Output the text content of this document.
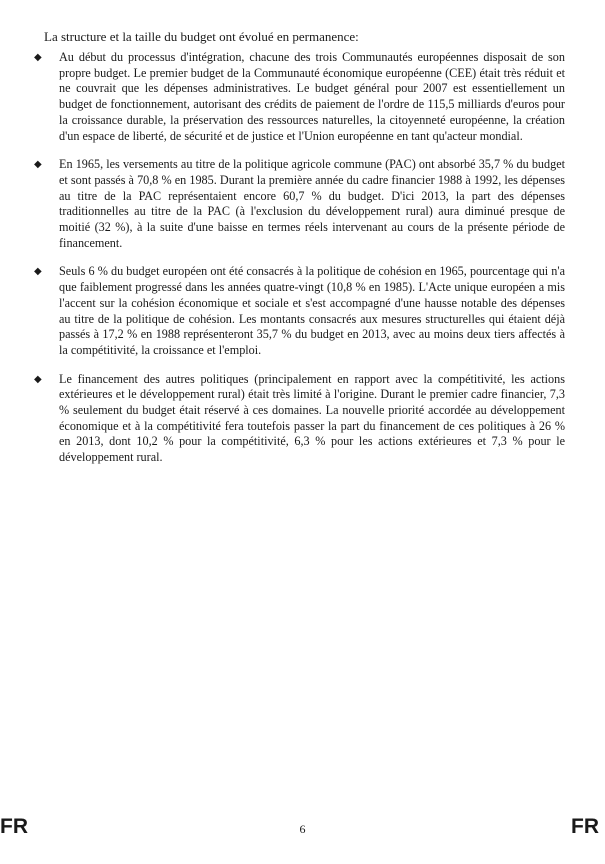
La structure et la taille du budget ont évolué en permanence:

◆ Au début du processus d'intégration, chacune des trois Communautés européennes disposait de son propre budget. Le premier budget de la Communauté économique européenne (CEE) était très réduit et ne couvrait que les dépenses administratives. Le budget général pour 2007 est essentiellement un budget de fonctionnement, autorisant des crédits de paiement de l'ordre de 115,5 milliards d'euros pour la croissance durable, la préservation des ressources naturelles, la citoyenneté européenne, la création d'un espace de liberté, de sécurité et de justice et l'Union européenne en tant qu'acteur mondial.
◆ En 1965, les versements au titre de la politique agricole commune (PAC) ont absorbé 35,7 % du budget et sont passés à 70,8 % en 1985. Durant la première année du cadre financier 1988 à 1992, les dépenses au titre de la PAC représentaient encore 60,7 % du budget. D'ici 2013, la part des dépenses traditionnelles au titre de la PAC (à l'exclusion du développement rural) aura diminué presque de moitié (32 %), à la suite d'une baisse en termes réels intervenant au cours de la présente période de financement.
◆ Seuls 6 % du budget européen ont été consacrés à la politique de cohésion en 1965, pourcentage qui n'a que faiblement progressé dans les années quatre-vingt (10,8 % en 1985). L'Acte unique européen a mis l'accent sur la cohésion économique et sociale et s'est accompagné d'une hausse notable des dépenses au titre de la politique de cohésion. Les montants consacrés aux mesures structurelles qui étaient déjà passés à 17,2 % en 1988 représenteront 35,7 % du budget en 2013, avec au moins deux tiers affectés à la compétitivité, la croissance et l'emploi.
◆ Le financement des autres politiques (principalement en rapport avec la compétitivité, les actions extérieures et le développement rural) était très limité à l'origine. Durant le premier cadre financier, 7,3 % seulement du budget était réservé à ces domaines. La nouvelle priorité accordée au développement économique et à la compétitivité fera toutefois passer la part du financement de ces politiques à 26 % en 2013, dont 10,2 % pour la compétitivité, 6,3 % pour les actions extérieures et 7,3 % pour le développement rural.
FR	6	FR
